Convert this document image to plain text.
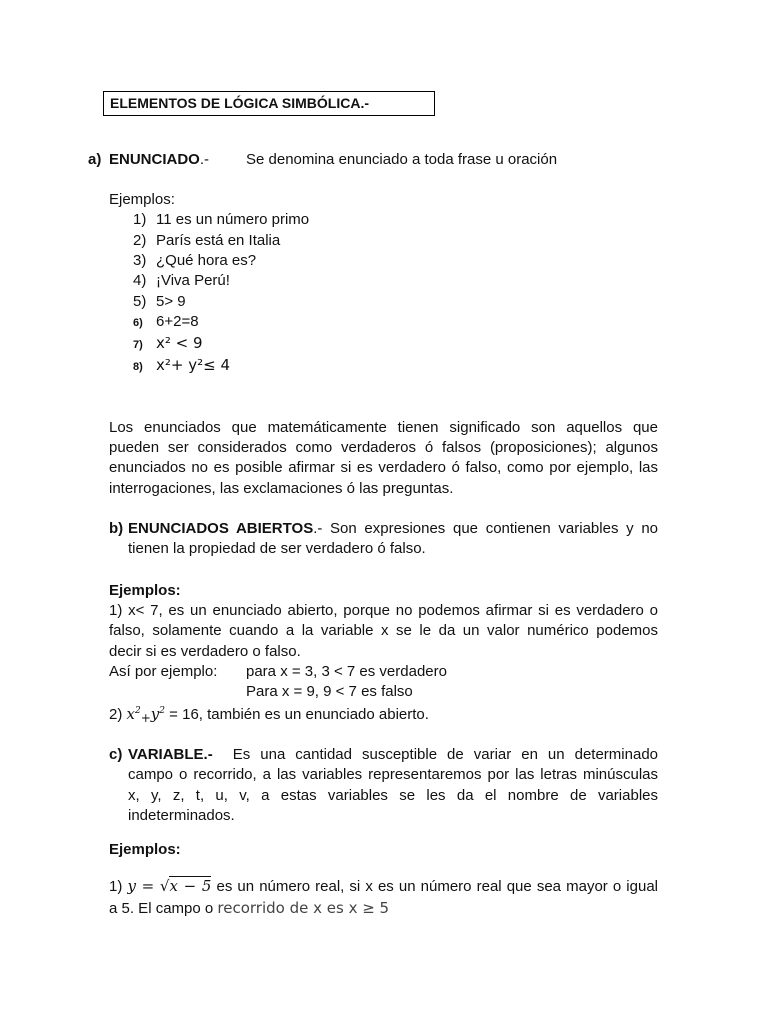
ELEMENTOS DE LÓGICA SIMBÓLICA.-
a) ENUNCIADO.- Se denomina enunciado a toda frase u oración
Ejemplos:
1) 11 es un número primo
2) París está en Italia
3) ¿Qué hora es?
4) ¡Viva Perú!
5) 5> 9
6) 6+2=8
7) x² < 9
8) x²+ y²≤ 4
Los enunciados que matemáticamente tienen significado son aquellos que
pueden ser considerados como verdaderos ó falsos (proposiciones); algunos
enunciados no es posible afirmar si es verdadero ó falso, como por ejemplo, las
interrogaciones, las exclamaciones ó las preguntas.
b) ENUNCIADOS ABIERTOS.- Son expresiones que contienen variables y no
tienen la propiedad de ser verdadero ó falso.
Ejemplos:
1) x< 7, es un enunciado abierto, porque no podemos afirmar si es verdadero o
falso, solamente cuando a la variable x se le da un valor numérico podemos
decir si es verdadero o falso.
Así por ejemplo: para x = 3, 3 < 7 es verdadero
Para x = 9, 9 < 7 es falso
2) $x^2_+y^2 = 16$, también es un enunciado abierto.
c) VARIABLE.- Es una cantidad susceptible de variar en un determinado
campo o recorrido, a las variables representaremos por las letras minúsculas
x, y, z, t, u, v, a estas variables se les da el nombre de variables
indeterminados.
Ejemplos:
1) y = √x − 5 es un número real, si x es un número real que sea mayor o igual
a 5. El campo o recorrido de x es x ≥ 5
